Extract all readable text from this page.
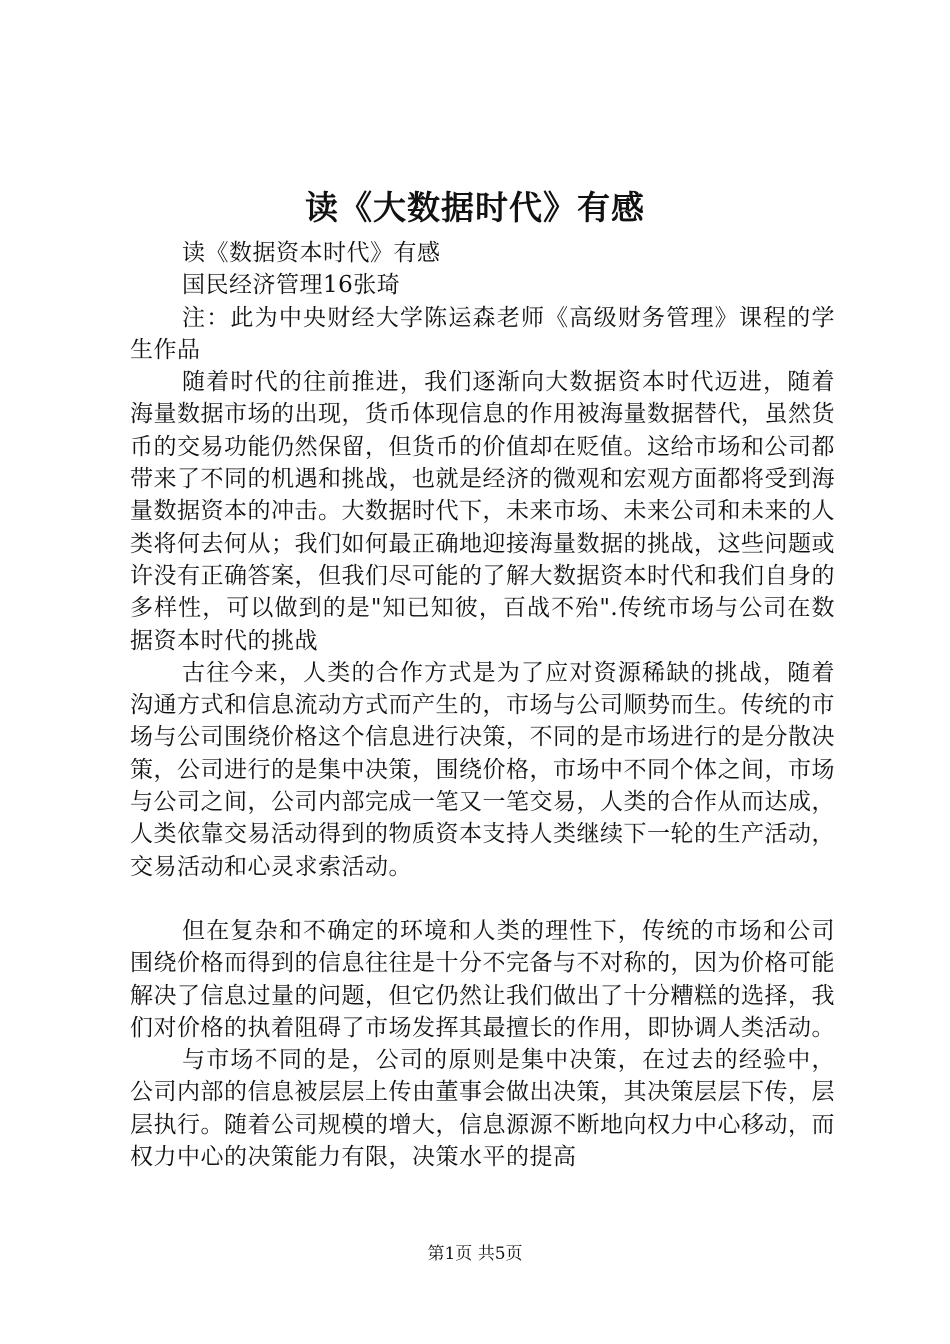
读《大数据时代》有感

读《数据资本时代》有感

国民经济管理16张琦

注：此为中央财经大学陈运森老师《高级财务管理》课程的学生作品

随着时代的往前推进，我们逐渐向大数据资本时代迈进，随着海量数据市场的出现，货币体现信息的作用被海量数据替代，虽然货币的交易功能仍然保留，但货币的价值却在贬值。这给市场和公司都带来了不同的机遇和挑战，也就是经济的微观和宏观方面都将受到海量数据资本的冲击。大数据时代下，未来市场、未来公司和未来的人类将何去何从；我们如何最正确地迎接海量数据的挑战，这些问题或许没有正确答案，但我们尽可能的了解大数据资本时代和我们自身的多样性，可以做到的是"知已知彼，百战不殆".传统市场与公司在数据资本时代的挑战

古往今来，人类的合作方式是为了应对资源稀缺的挑战，随着沟通方式和信息流动方式而产生的，市场与公司顺势而生。传统的市场与公司围绕价格这个信息进行决策，不同的是市场进行的是分散决策，公司进行的是集中决策，围绕价格，市场中不同个体之间，市场与公司之间，公司内部完成一笔又一笔交易，人类的合作从而达成，人类依靠交易活动得到的物质资本支持人类继续下一轮的生产活动，交易活动和心灵求索活动。

但在复杂和不确定的环境和人类的理性下，传统的市场和公司围绕价格而得到的信息往往是十分不完备与不对称的，因为价格可能解决了信息过量的问题，但它仍然让我们做出了十分糟糕的选择，我们对价格的执着阻碍了市场发挥其最擅长的作用，即协调人类活动。

与市场不同的是，公司的原则是集中决策，在过去的经验中，公司内部的信息被层层上传由董事会做出决策，其决策层层下传，层层执行。随着公司规模的增大，信息源源不断地向权力中心移动，而权力中心的决策能力有限，决策水平的提高

第1页 共5页
